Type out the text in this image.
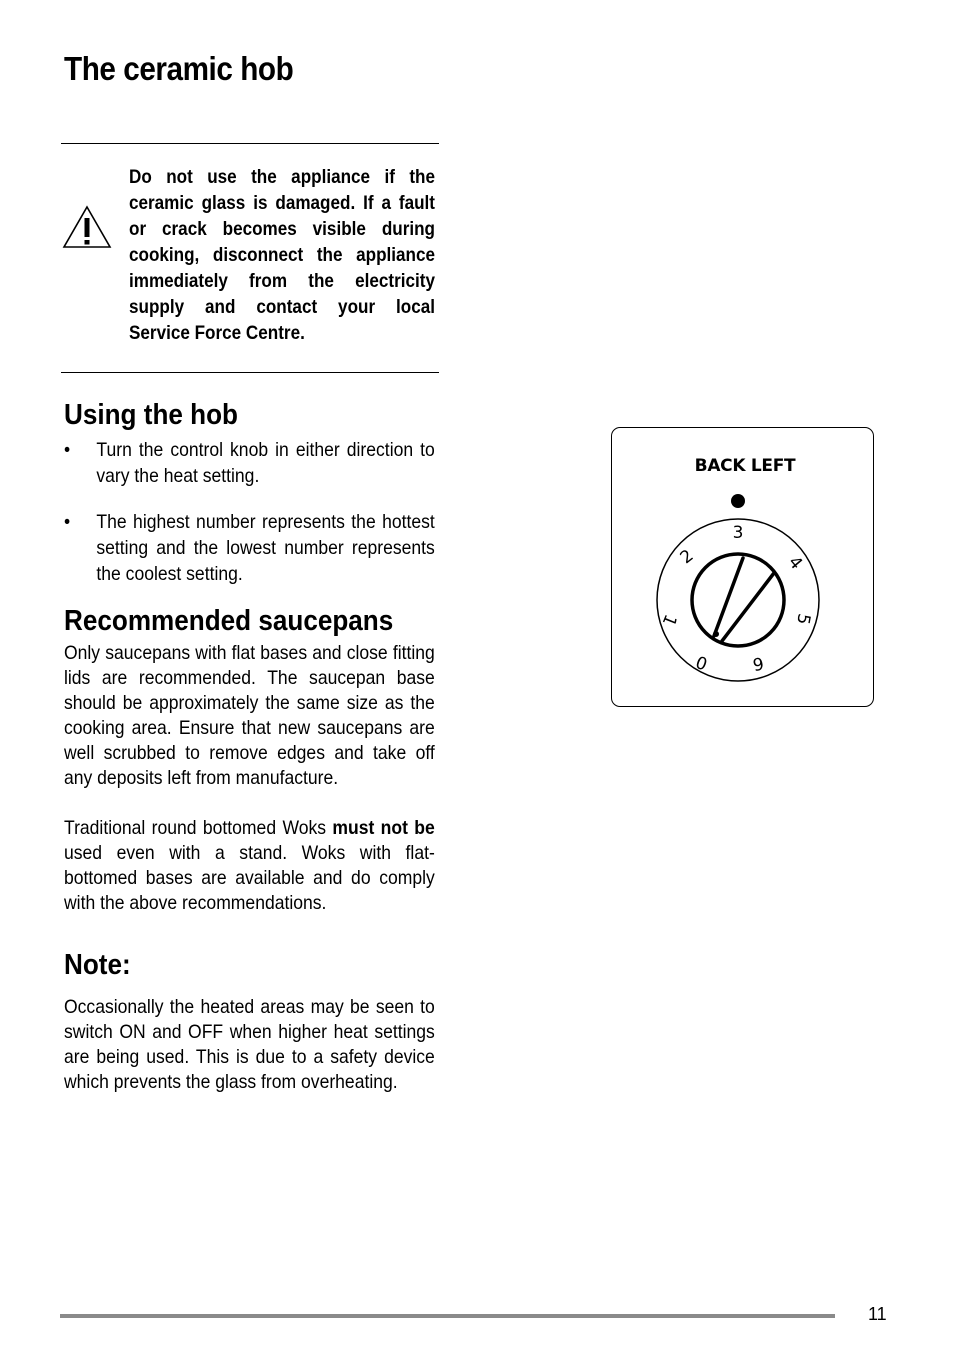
The ceramic hob

Do not use the appliance if the ceramic glass is damaged. If a fault or crack becomes visible during cooking, disconnect the appliance immediately from the electricity supply and contact your local Service Force Centre.

Using the hob
• Turn the control knob in either direction to vary the heat setting.
• The highest number represents the hottest setting and the lowest number represents the coolest setting.
Recommended saucepans

Only saucepans with flat bases and close fitting lids are recommended. The saucepan base should be approximately the same size as the cooking area. Ensure that new saucepans are well scrubbed to remove edges and take off any deposits left from manufacture.

Traditional round bottomed Woks must not be used even with a stand. Woks with flat-bottomed bases are available and do comply with the above recommendations.

Note:

Occasionally the heated areas may be seen to switch ON and OFF when higher heat settings are being used. This is due to a safety device which prevents the glass from overheating.

BACK LEFT
0
1
2
3
4
5
6
11
